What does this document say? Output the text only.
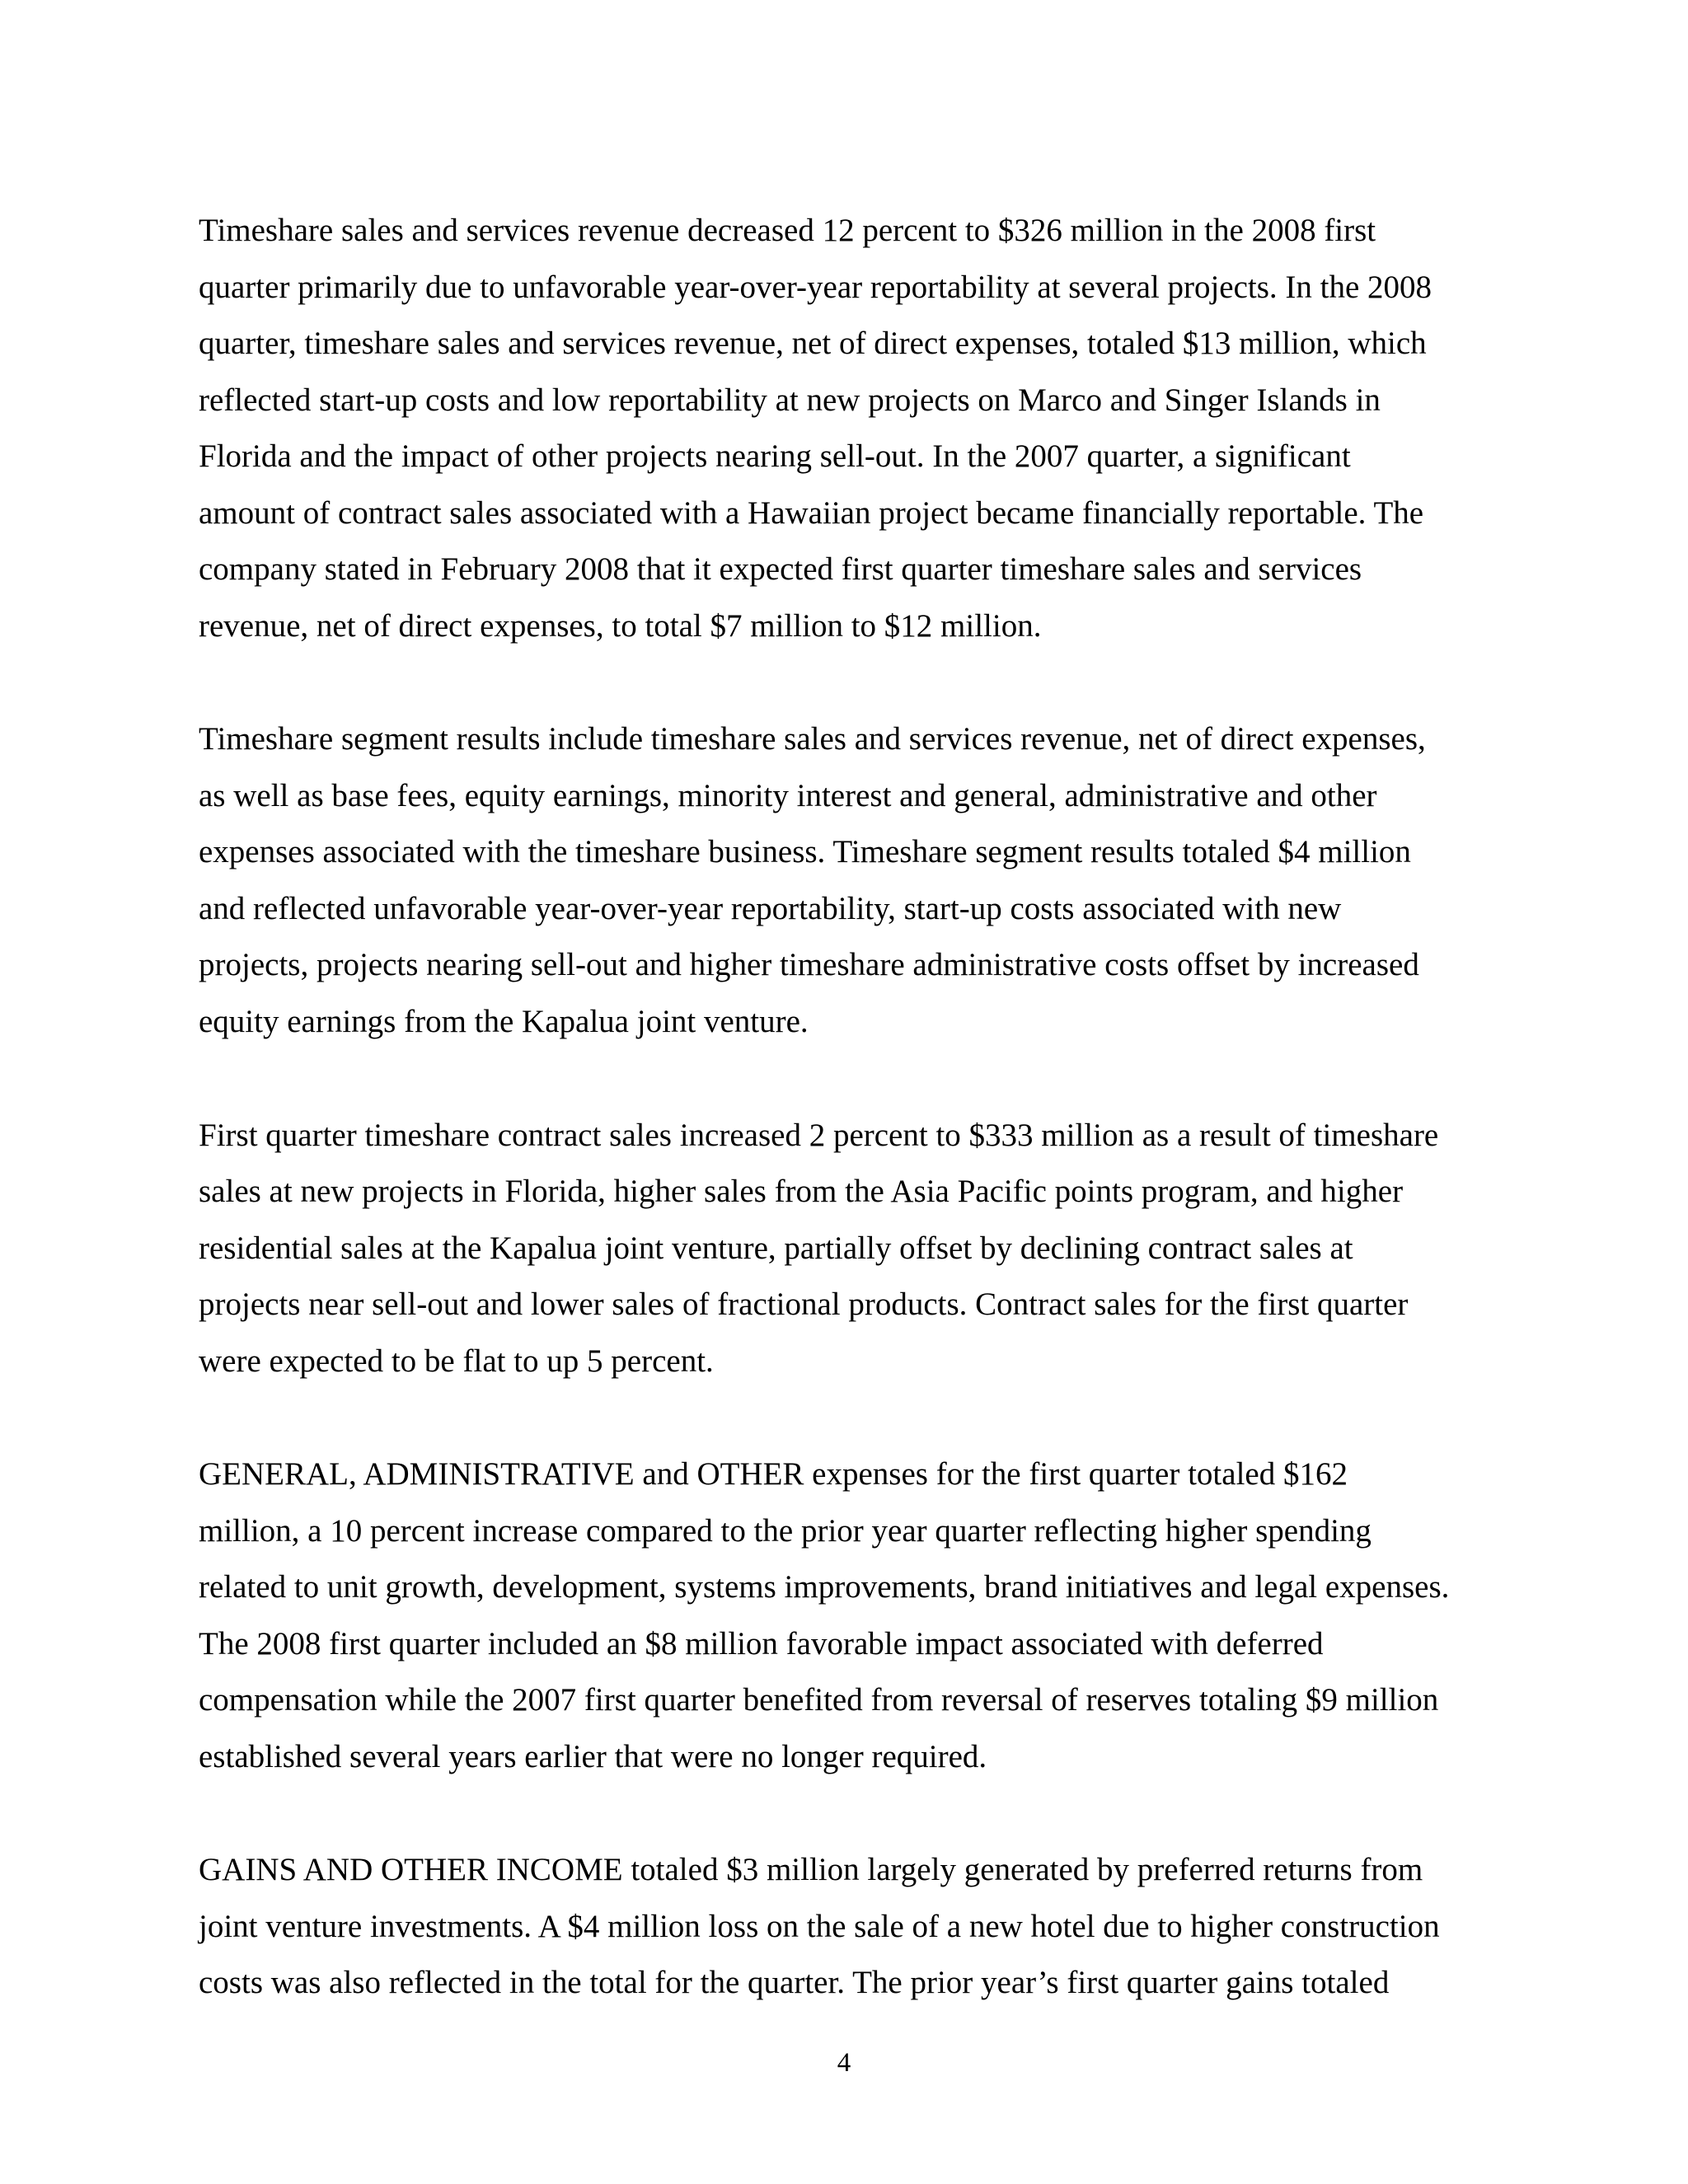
Timeshare sales and services revenue decreased 12 percent to $326 million in the 2008 first

quarter primarily due to unfavorable year-over-year reportability at several projects. In the 2008

quarter, timeshare sales and services revenue, net of direct expenses, totaled $13 million, which

reflected start-up costs and low reportability at new projects on Marco and Singer Islands in

Florida and the impact of other projects nearing sell-out. In the 2007 quarter, a significant

amount of contract sales associated with a Hawaiian project became financially reportable. The

company stated in February 2008 that it expected first quarter timeshare sales and services

revenue, net of direct expenses, to total $7 million to $12 million.

Timeshare segment results include timeshare sales and services revenue, net of direct expenses,

as well as base fees, equity earnings, minority interest and general, administrative and other

expenses associated with the timeshare business. Timeshare segment results totaled $4 million

and reflected unfavorable year-over-year reportability, start-up costs associated with new

projects, projects nearing sell-out and higher timeshare administrative costs offset by increased

equity earnings from the Kapalua joint venture.

First quarter timeshare contract sales increased 2 percent to $333 million as a result of timeshare

sales at new projects in Florida, higher sales from the Asia Pacific points program, and higher

residential sales at the Kapalua joint venture, partially offset by declining contract sales at

projects near sell-out and lower sales of fractional products. Contract sales for the first quarter

were expected to be flat to up 5 percent.

GENERAL, ADMINISTRATIVE and OTHER expenses for the first quarter totaled $162

million, a 10 percent increase compared to the prior year quarter reflecting higher spending

related to unit growth, development, systems improvements, brand initiatives and legal expenses.

The 2008 first quarter included an $8 million favorable impact associated with deferred

compensation while the 2007 first quarter benefited from reversal of reserves totaling $9 million

established several years earlier that were no longer required.

GAINS AND OTHER INCOME totaled $3 million largely generated by preferred returns from

joint venture investments. A $4 million loss on the sale of a new hotel due to higher construction

costs was also reflected in the total for the quarter. The prior year’s first quarter gains totaled

4
